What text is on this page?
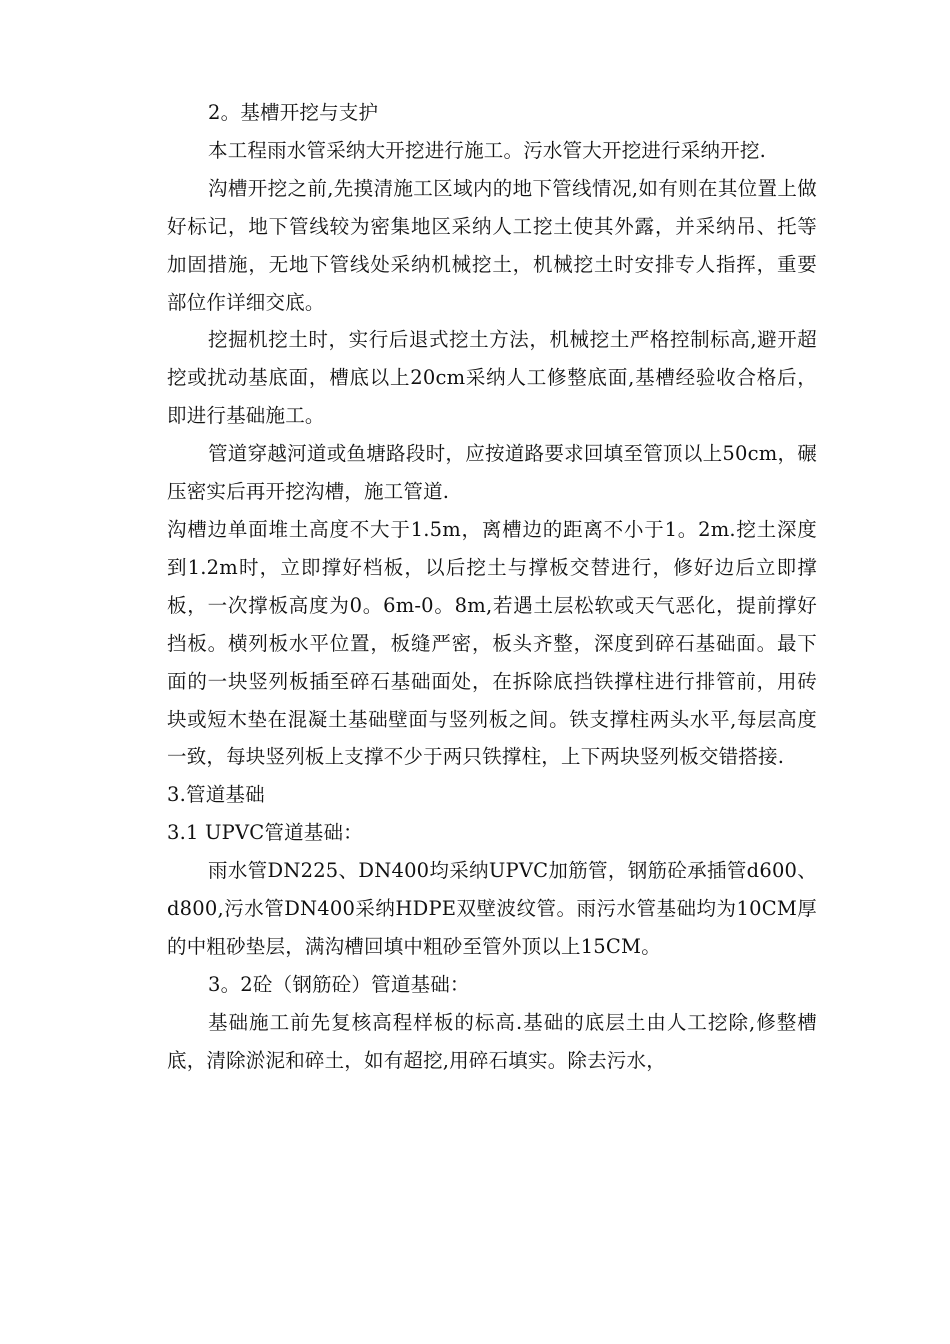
2。基槽开挖与支护

本工程雨水管采纳大开挖进行施工。污水管大开挖进行采纳开挖.

沟槽开挖之前,先摸清施工区域内的地下管线情况,如有则在其位置上做好标记，地下管线较为密集地区采纳人工挖土使其外露，并采纳吊、托等加固措施，无地下管线处采纳机械挖土，机械挖土时安排专人指挥，重要部位作详细交底。

挖掘机挖土时，实行后退式挖土方法，机械挖土严格控制标高,避开超挖或扰动基底面，槽底以上20cm采纳人工修整底面,基槽经验收合格后，即进行基础施工。

管道穿越河道或鱼塘路段时，应按道路要求回填至管顶以上50cm，碾压密实后再开挖沟槽，施工管道.

沟槽边单面堆土高度不大于1.5m，离槽边的距离不小于1。2m.挖土深度到1.2m时，立即撑好档板，以后挖土与撑板交替进行，修好边后立即撑板，一次撑板高度为0。6m-0。8m,若遇土层松软或天气恶化，提前撑好挡板。横列板水平位置，板缝严密，板头齐整，深度到碎石基础面。最下面的一块竖列板插至碎石基础面处，在拆除底挡铁撑柱进行排管前，用砖块或短木垫在混凝土基础壁面与竖列板之间。铁支撑柱两头水平,每层高度一致，每块竖列板上支撑不少于两只铁撑柱，上下两块竖列板交错搭接.

3.管道基础

3.1 UPVC管道基础：

雨水管DN225、DN400均采纳UPVC加筋管，钢筋砼承插管d600、d800,污水管DN400采纳HDPE双壁波纹管。雨污水管基础均为10CM厚的中粗砂垫层，满沟槽回填中粗砂至管外顶以上15CM。

3。2砼（钢筋砼）管道基础：

基础施工前先复核高程样板的标高.基础的底层土由人工挖除,修整槽底，清除淤泥和碎土，如有超挖,用碎石填实。除去污水，
